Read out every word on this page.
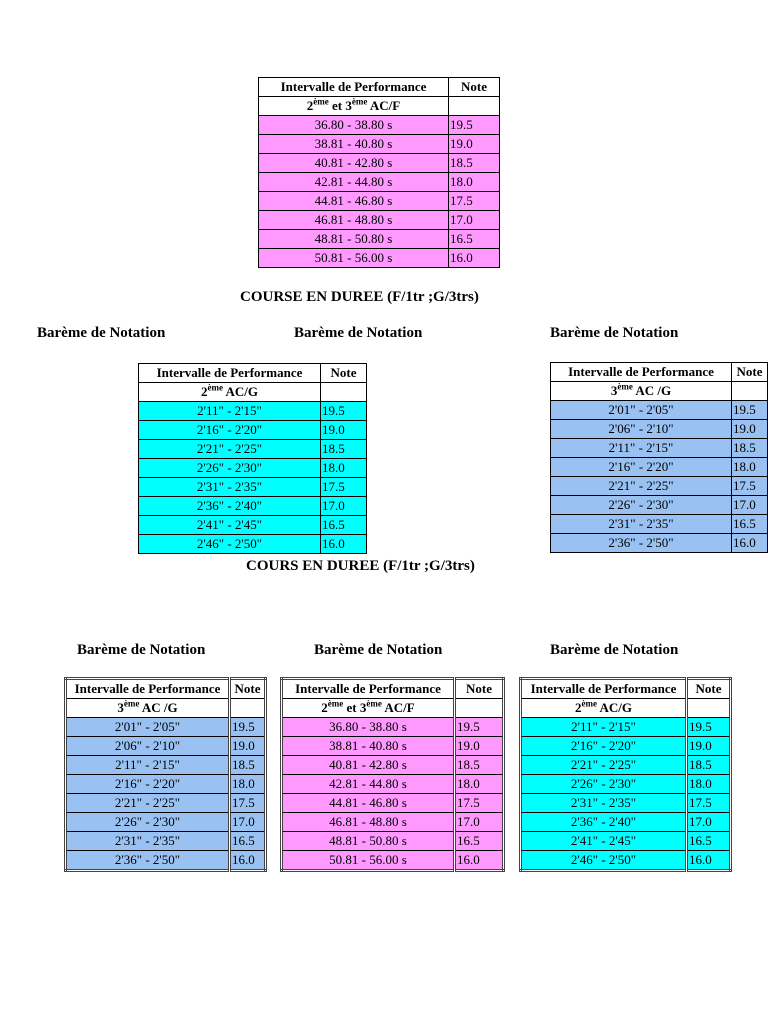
Intervalle de Performance	Note
2ème et 3ème AC/F	
36.80 - 38.80 s	19.5
38.81 - 40.80 s	19.0
40.81 - 42.80 s	18.5
42.81 - 44.80 s	18.0
44.81 - 46.80 s	17.5
46.81 - 48.80 s	17.0
48.81 - 50.80 s	16.5
50.81 - 56.00 s	16.0
COURSE EN DUREE (F/1tr ;G/3trs)
Barème de Notation	Barème de Notation	Barème de Notation
Intervalle de Performance	Note
2ème AC/G	
2'11" - 2'15"	19.5
2'16" - 2'20"	19.0
2'21" - 2'25"	18.5
2'26" - 2'30"	18.0
2'31" - 2'35"	17.5
2'36" - 2'40"	17.0
2'41" - 2'45"	16.5
2'46" - 2'50"	16.0
Intervalle de Performance	Note
3ème AC /G	
2'01" - 2'05"	19.5
2'06" - 2'10"	19.0
2'11" - 2'15"	18.5
2'16" - 2'20"	18.0
2'21" - 2'25"	17.5
2'26" - 2'30"	17.0
2'31" - 2'35"	16.5
2'36" - 2'50"	16.0
COURS EN DUREE (F/1tr ;G/3trs)
Barème de Notation	Barème de Notation	Barème de Notation
Intervalle de Performance	Note
3ème AC /G	
2'01" - 2'05"	19.5
2'06" - 2'10"	19.0
2'11" - 2'15"	18.5
2'16" - 2'20"	18.0
2'21" - 2'25"	17.5
2'26" - 2'30"	17.0
2'31" - 2'35"	16.5
2'36" - 2'50"	16.0
Intervalle de Performance	Note
2ème et 3ème AC/F	
36.80 - 38.80 s	19.5
38.81 - 40.80 s	19.0
40.81 - 42.80 s	18.5
42.81 - 44.80 s	18.0
44.81 - 46.80 s	17.5
46.81 - 48.80 s	17.0
48.81 - 50.80 s	16.5
50.81 - 56.00 s	16.0
Intervalle de Performance	Note
2ème AC/G	
2'11" - 2'15"	19.5
2'16" - 2'20"	19.0
2'21" - 2'25"	18.5
2'26" - 2'30"	18.0
2'31" - 2'35"	17.5
2'36" - 2'40"	17.0
2'41" - 2'45"	16.5
2'46" - 2'50"	16.0
